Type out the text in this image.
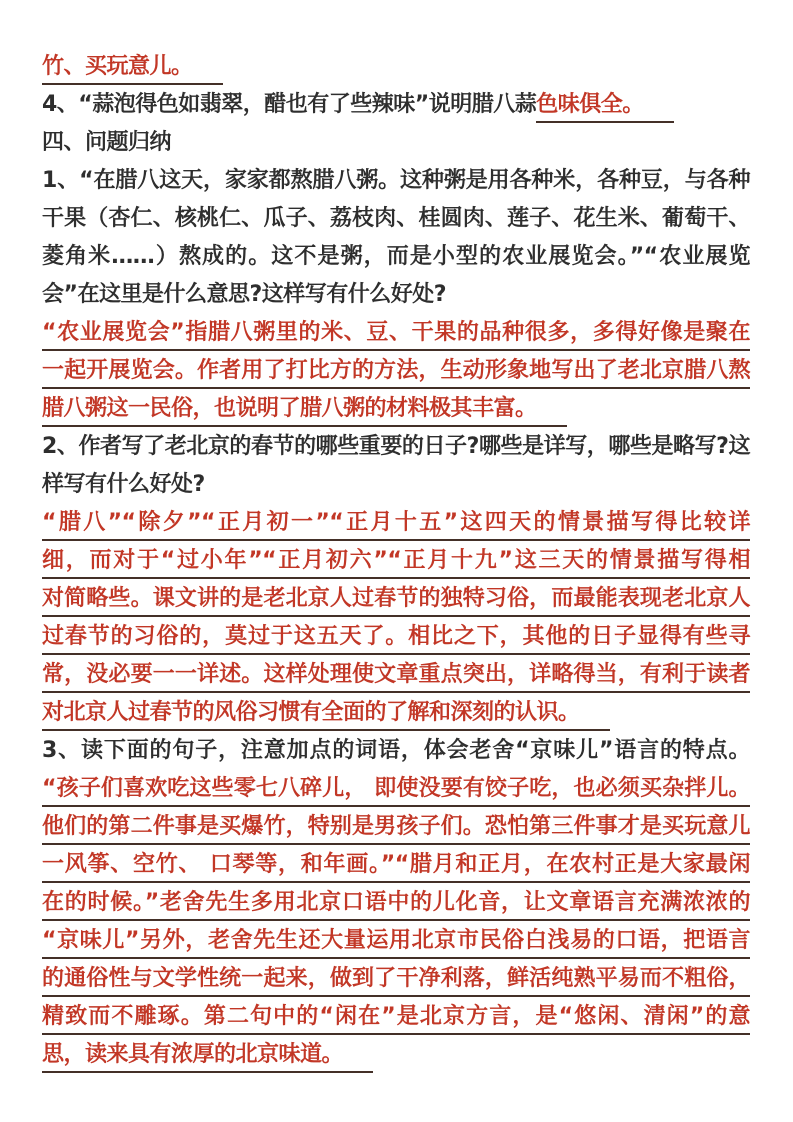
竹、买玩意儿。
4、“蒜泡得色如翡翠，醋也有了些辣味”说明腊八蒜色味俱全。
四、问题归纳
1、“在腊八这天，家家都熬腊八粥。这种粥是用各种米，各种豆，与各种
干果（杏仁、核桃仁、瓜子、荔枝肉、桂圆肉、莲子、花生米、葡萄干、
菱角米……）熬成的。这不是粥，而是小型的农业展览会。”“农业展览
会”在这里是什么意思?这样写有什么好处?
“农业展览会”指腊八粥里的米、豆、干果的品种很多，多得好像是聚在
一起开展览会。作者用了打比方的方法，生动形象地写出了老北京腊八熬
腊八粥这一民俗，也说明了腊八粥的材料极其丰富。
2、作者写了老北京的春节的哪些重要的日子?哪些是详写，哪些是略写?这
样写有什么好处?
“腊八”“除夕”“正月初一”“正月十五”这四天的情景描写得比较详
细，而对于“过小年”“正月初六”“正月十九”这三天的情景描写得相
对简略些。课文讲的是老北京人过春节的独特习俗，而最能表现老北京人
过春节的习俗的，莫过于这五天了。相比之下，其他的日子显得有些寻
常，没必要一一详述。这样处理使文章重点突出，详略得当，有利于读者
对北京人过春节的风俗习惯有全面的了解和深刻的认识。
3、读下面的句子，注意加点的词语，体会老舍“京味儿”语言的特点。
“孩子们喜欢吃这些零七八碎儿， 即使没要有饺子吃，也必须买杂拌儿。
他们的第二件事是买爆竹，特别是男孩子们。恐怕第三件事才是买玩意儿
一风筝、空竹、 口琴等，和年画。”“腊月和正月，在农村正是大家最闲
在的时候。”老舍先生多用北京口语中的儿化音，让文章语言充满浓浓的
“京味儿”另外，老舍先生还大量运用北京市民俗白浅易的口语，把语言
的通俗性与文学性统一起来，做到了干净利落，鲜活纯熟平易而不粗俗，
精致而不雕琢。第二句中的“闲在”是北京方言，是“悠闲、清闲”的意
思，读来具有浓厚的北京味道。
